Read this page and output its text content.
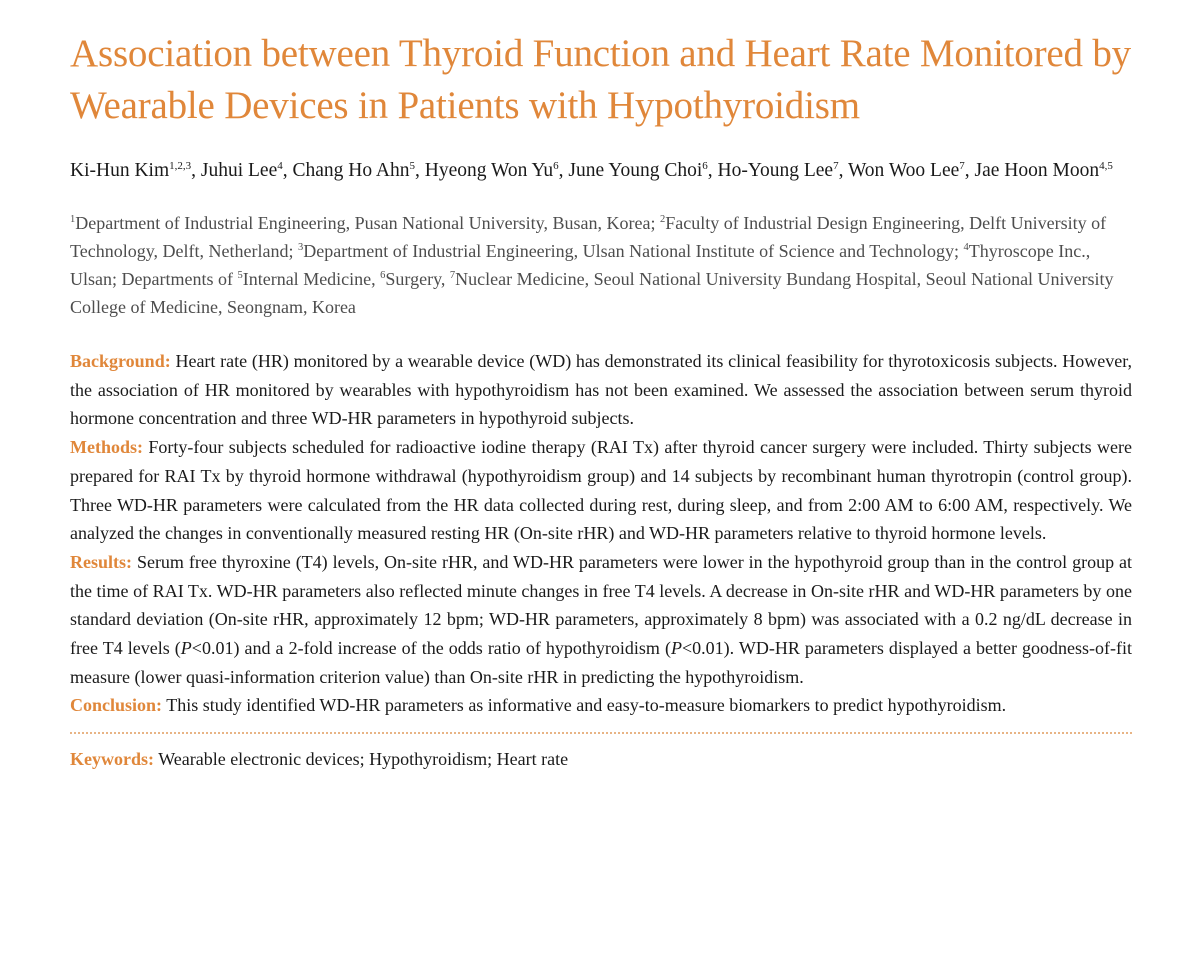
Association between Thyroid Function and Heart Rate Monitored by Wearable Devices in Patients with Hypothyroidism
Ki-Hun Kim$^{1,2,3}$, Juhui Lee$^4$, Chang Ho Ahn$^5$, Hyeong Won Yu$^6$, June Young Choi$^6$, Ho-Young Lee$^7$, Won Woo Lee$^7$, Jae Hoon Moon$^{4,5}$
$^1$Department of Industrial Engineering, Pusan National University, Busan, Korea; $^2$Faculty of Industrial Design Engineering, Delft University of Technology, Delft, Netherland; $^3$Department of Industrial Engineering, Ulsan National Institute of Science and Technology; $^4$Thyroscope Inc., Ulsan; Departments of $^5$Internal Medicine, $^6$Surgery, $^7$Nuclear Medicine, Seoul National University Bundang Hospital, Seoul National University College of Medicine, Seongnam, Korea

Background: Heart rate (HR) monitored by a wearable device (WD) has demonstrated its clinical feasibility for thyrotoxicosis subjects. However, the association of HR monitored by wearables with hypothyroidism has not been examined. We assessed the association between serum thyroid hormone concentration and three WD-HR parameters in hypothyroid subjects.

Methods: Forty-four subjects scheduled for radioactive iodine therapy (RAI Tx) after thyroid cancer surgery were included. Thirty subjects were prepared for RAI Tx by thyroid hormone withdrawal (hypothyroidism group) and 14 subjects by recombinant human thyrotropin (control group). Three WD-HR parameters were calculated from the HR data collected during rest, during sleep, and from 2:00 AM to 6:00 AM, respectively. We analyzed the changes in conventionally measured resting HR (On-site rHR) and WD-HR parameters relative to thyroid hormone levels.

Results: Serum free thyroxine (T4) levels, On-site rHR, and WD-HR parameters were lower in the hypothyroid group than in the control group at the time of RAI Tx. WD-HR parameters also reflected minute changes in free T4 levels. A decrease in On-site rHR and WD-HR parameters by one standard deviation (On-site rHR, approximately 12 bpm; WD-HR parameters, approximately 8 bpm) was associated with a 0.2 ng/dL decrease in free T4 levels (P<0.01) and a 2-fold increase of the odds ratio of hypothyroidism (P<0.01). WD-HR parameters displayed a better goodness-of-fit measure (lower quasi-information criterion value) than On-site rHR in predicting the hypothyroidism.

Conclusion: This study identified WD-HR parameters as informative and easy-to-measure biomarkers to predict hypothyroidism.

Keywords: Wearable electronic devices; Hypothyroidism; Heart rate
